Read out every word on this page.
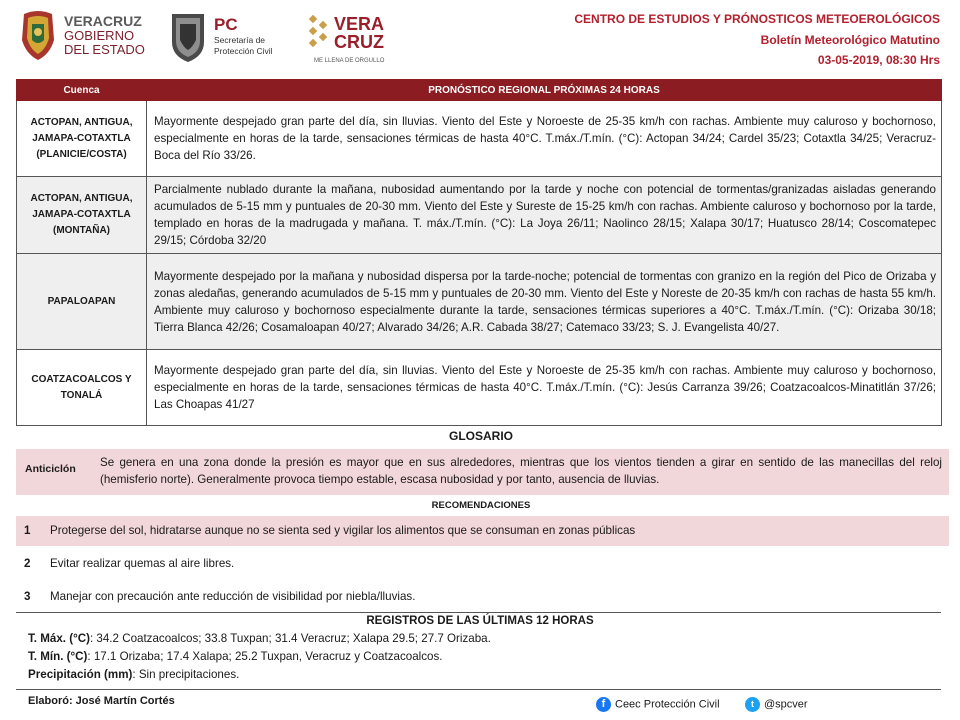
VERACRUZ
GOBIERNO
DEL ESTADO
PC
Secretaría de
Protección Civil
VERA
CRUZ
ME LLENA DE ORGULLO
CENTRO DE ESTUDIOS Y PRÓNOSTICOS METEOEROLÓGICOS
Boletín Meteorológico Matutino
03-05-2019, 08:30 Hrs
Cuenca	PRONÓSTICO REGIONAL PRÓXIMAS 24 HORAS
ACTOPAN, ANTIGUA, JAMAPA-COTAXTLA (PLANICIE/COSTA)	Mayormente despejado gran parte del día, sin lluvias. Viento del Este y Noroeste de 25-35 km/h con rachas. Ambiente muy caluroso y bochornoso, especialmente en horas de la tarde, sensaciones térmicas de hasta 40°C. T.máx./T.mín. (°C): Actopan 34/24; Cardel 35/23; Cotaxtla 34/25; Veracruz-Boca del Río 33/26.
ACTOPAN, ANTIGUA, JAMAPA-COTAXTLA (MONTAÑA)	Parcialmente nublado durante la mañana, nubosidad aumentando por la tarde y noche con potencial de tormentas/granizadas aisladas generando acumulados de 5-15 mm y puntuales de 20-30 mm. Viento del Este y Sureste de 15-25 km/h con rachas. Ambiente caluroso y bochornoso por la tarde, templado en horas de la madrugada y mañana. T. máx./T.mín. (°C): La Joya 26/11; Naolinco 28/15; Xalapa 30/17; Huatusco 28/14; Coscomatepec 29/15; Córdoba 32/20
PAPALOAPAN	Mayormente despejado por la mañana y nubosidad dispersa por la tarde-noche; potencial de tormentas con granizo en la región del Pico de Orizaba y zonas aledañas, generando acumulados de 5-15 mm y puntuales de 20-30 mm. Viento del Este y Noreste de 20-35 km/h con rachas de hasta 55 km/h. Ambiente muy caluroso y bochornoso especialmente durante la tarde, sensaciones térmicas superiores a 40°C. T.máx./T.mín. (°C): Orizaba 30/18; Tierra Blanca 42/26; Cosamaloapan 40/27; Alvarado 34/26; A.R. Cabada 38/27; Catemaco 33/23; S. J. Evangelista 40/27.
COATZACOALCOS Y TONALÁ	Mayormente despejado gran parte del día, sin lluvias. Viento del Este y Noroeste de 25-35 km/h con rachas. Ambiente muy caluroso y bochornoso, especialmente en horas de la tarde, sensaciones térmicas de hasta 40°C. T.máx./T.mín. (°C): Jesús Carranza 39/26; Coatzacoalcos-Minatitlán 37/26; Las Choapas 41/27
GLOSARIO
Anticiclón Se genera en una zona donde la presión es mayor que en sus alrededores, mientras que los vientos tienden a girar en sentido de las manecillas del reloj (hemisferio norte). Generalmente provoca tiempo estable, escasa nubosidad y por tanto, ausencia de lluvias.
RECOMENDACIONES
1 Protegerse del sol, hidratarse aunque no se sienta sed y vigilar los alimentos que se consuman en zonas públicas
2 Evitar realizar quemas al aire libres.
3 Manejar con precaución ante reducción de visibilidad por niebla/lluvias.
REGISTROS DE LAS ÚLTIMAS 12 HORAS
T. Máx. (°C): 34.2 Coatzacoalcos; 33.8 Tuxpan; 31.4 Veracruz; Xalapa 29.5; 27.7 Orizaba.
T. Mín. (°C): 17.1 Orizaba; 17.4 Xalapa; 25.2 Tuxpan, Veracruz y Coatzacoalcos.
Precipitación (mm): Sin precipitaciones.
Elaboró: José Martín Cortés	f Ceec Protección Civil	t @spcver
